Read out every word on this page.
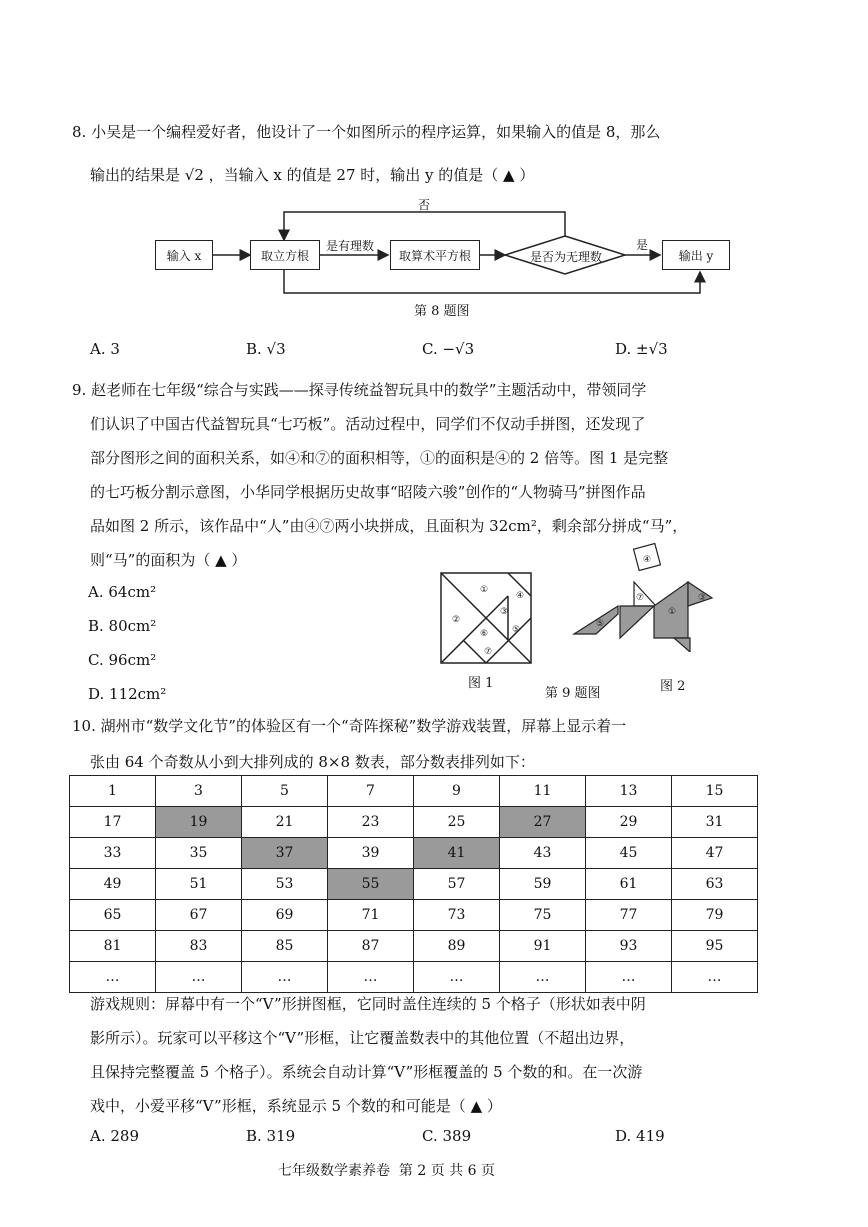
8. 小吴是一个编程爱好者，他设计了一个如图所示的程序运算，如果输入的值是 8，那么
输出的结果是 √2 ，当输入 x 的值是 27 时，输出 y 的值是（ ▲ ）
输入 x	取立方根
是有理数
取算术平方根	是否为无理数
是
否
输出 y
第 8 题图
A. 3	B. √3	C. −√3	D. ±√3
9. 赵老师在七年级“综合与实践——探寻传统益智玩具中的数学”主题活动中，带领同学
们认识了中国古代益智玩具“七巧板”。活动过程中，同学们不仅动手拼图，还发现了
部分图形之间的面积关系，如④和⑦的面积相等，①的面积是④的 2 倍等。图 1 是完整
的七巧板分割示意图，小华同学根据历史故事“昭陵六骏”创作的“人物骑马”拼图作品
品如图 2 所示，该作品中“人”由④⑦两小块拼成，且面积为 32cm²，剩余部分拼成“马”，
则“马”的面积为（ ▲ ）
A. 64cm²
B. 80cm²
C. 96cm²
D. 112cm²
①
②
③
④
⑤
⑥
⑦
④
⑦
⑤
①
③
图 1
第 9 题图	图 2
10. 湖州市“数学文化节”的体验区有一个“奇阵探秘”数学游戏装置，屏幕上显示着一
张由 64 个奇数从小到大排列成的 8×8 数表，部分数表排列如下：
1	3	5	7	9	11	13	15
17	19	21	23	25	27	29	31
33	35	37	39	41	43	45	47
49	51	53	55	57	59	61	63
65	67	69	71	73	75	77	79
81	83	85	87	89	91	93	95
…	…	…	…	…	…	…	…
游戏规则：屏幕中有一个“V”形拼图框，它同时盖住连续的 5 个格子（形状如表中阴
影所示）。玩家可以平移这个“V”形框，让它覆盖数表中的其他位置（不超出边界，
且保持完整覆盖 5 个格子）。系统会自动计算“V”形框覆盖的 5 个数的和。在一次游
戏中，小爱平移“V”形框，系统显示 5 个数的和可能是（ ▲ ）
A. 289	B. 319	C. 389	D. 419
七年级数学素养卷  第 2 页 共 6 页
